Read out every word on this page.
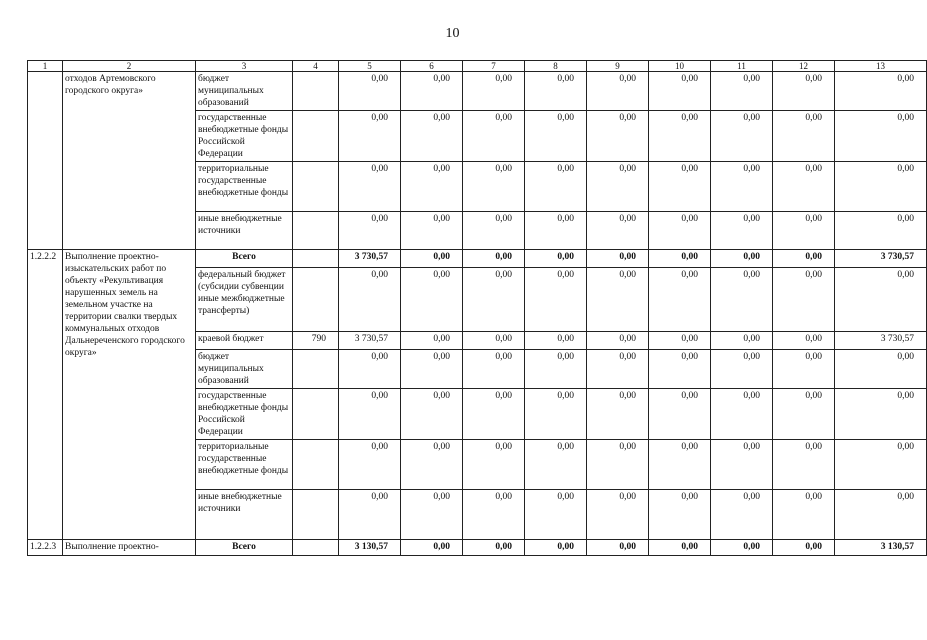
10
1	2	3	4	5	6	7	8	9	10	11	12	13
	отходов Артемовского городского округа»	бюджет муниципальных образований		0,00	0,00	0,00	0,00	0,00	0,00	0,00	0,00	0,00
		государственные внебюджетные фонды Российской Федерации		0,00	0,00	0,00	0,00	0,00	0,00	0,00	0,00	0,00
		территориальные государственные внебюджетные фонды		0,00	0,00	0,00	0,00	0,00	0,00	0,00	0,00	0,00
		иные внебюджетные источники		0,00	0,00	0,00	0,00	0,00	0,00	0,00	0,00	0,00
1.2.2.2	Выполнение проектно-изыскательских работ по объекту «Рекультивация нарушенных земель на земельном участке на территории свалки твердых коммунальных отходов Дальнереченского городского округа»	Всего		3 730,57	0,00	0,00	0,00	0,00	0,00	0,00	0,00	3 730,57
		федеральный бюджет (субсидии субвенции иные межбюджетные трансферты)		0,00	0,00	0,00	0,00	0,00	0,00	0,00	0,00	0,00
		краевой бюджет	790	3 730,57	0,00	0,00	0,00	0,00	0,00	0,00	0,00	3 730,57
		бюджет муниципальных образований		0,00	0,00	0,00	0,00	0,00	0,00	0,00	0,00	0,00
		государственные внебюджетные фонды Российской Федерации		0,00	0,00	0,00	0,00	0,00	0,00	0,00	0,00	0,00
		территориальные государственные внебюджетные фонды		0,00	0,00	0,00	0,00	0,00	0,00	0,00	0,00	0,00
		иные внебюджетные источники		0,00	0,00	0,00	0,00	0,00	0,00	0,00	0,00	0,00
1.2.2.3	Выполнение проектно-	Всего		3 130,57	0,00	0,00	0,00	0,00	0,00	0,00	0,00	3 130,57
